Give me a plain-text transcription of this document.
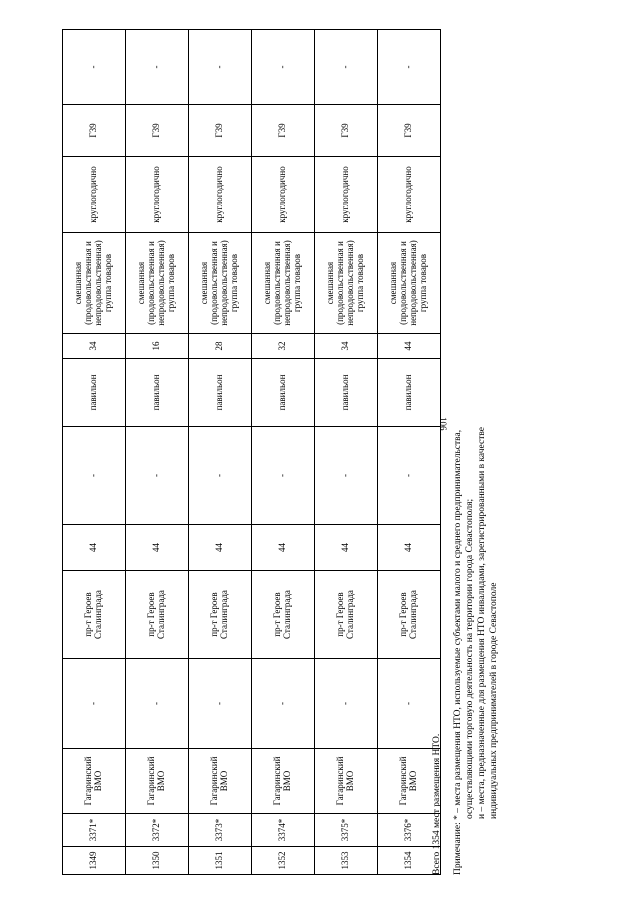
106
1349	3371*	Гагаринский ВМО	-	пр-т Героев Сталинграда	44	-	павильон	34	смешанная (продовольственная и непродовольственная) группа товаров	круглогодично	Г39	-
1350	3372*	Гагаринский ВМО	-	пр-т Героев Сталинграда	44	-	павильон	16	смешанная (продовольственная и непродовольственная) группа товаров	круглогодично	Г39	-
1351	3373*	Гагаринский ВМО	-	пр-т Героев Сталинграда	44	-	павильон	28	смешанная (продовольственная и непродовольственная) группа товаров	круглогодично	Г39	-
1352	3374*	Гагаринский ВМО	-	пр-т Героев Сталинграда	44	-	павильон	32	смешанная (продовольственная и непродовольственная) группа товаров	круглогодично	Г39	-
1353	3375*	Гагаринский ВМО	-	пр-т Героев Сталинграда	44	-	павильон	34	смешанная (продовольственная и непродовольственная) группа товаров	круглогодично	Г39	-
1354	3376*	Гагаринский ВМО	-	пр-т Героев Сталинграда	44	-	павильон	44	смешанная (продовольственная и непродовольственная) группа товаров	круглогодично	Г39	-
Всего 1354 мест размещения НТО. Примечание: * – места размещения НТО, используемые субъектами малого и среднего предпринимательства, осуществляющими торговую деятельность на территории города Севастополя; и – места, предназначенные для размещения НТО инвалидами, зарегистрированными в качестве индивидуальных предпринимателей в городе Севастополе
